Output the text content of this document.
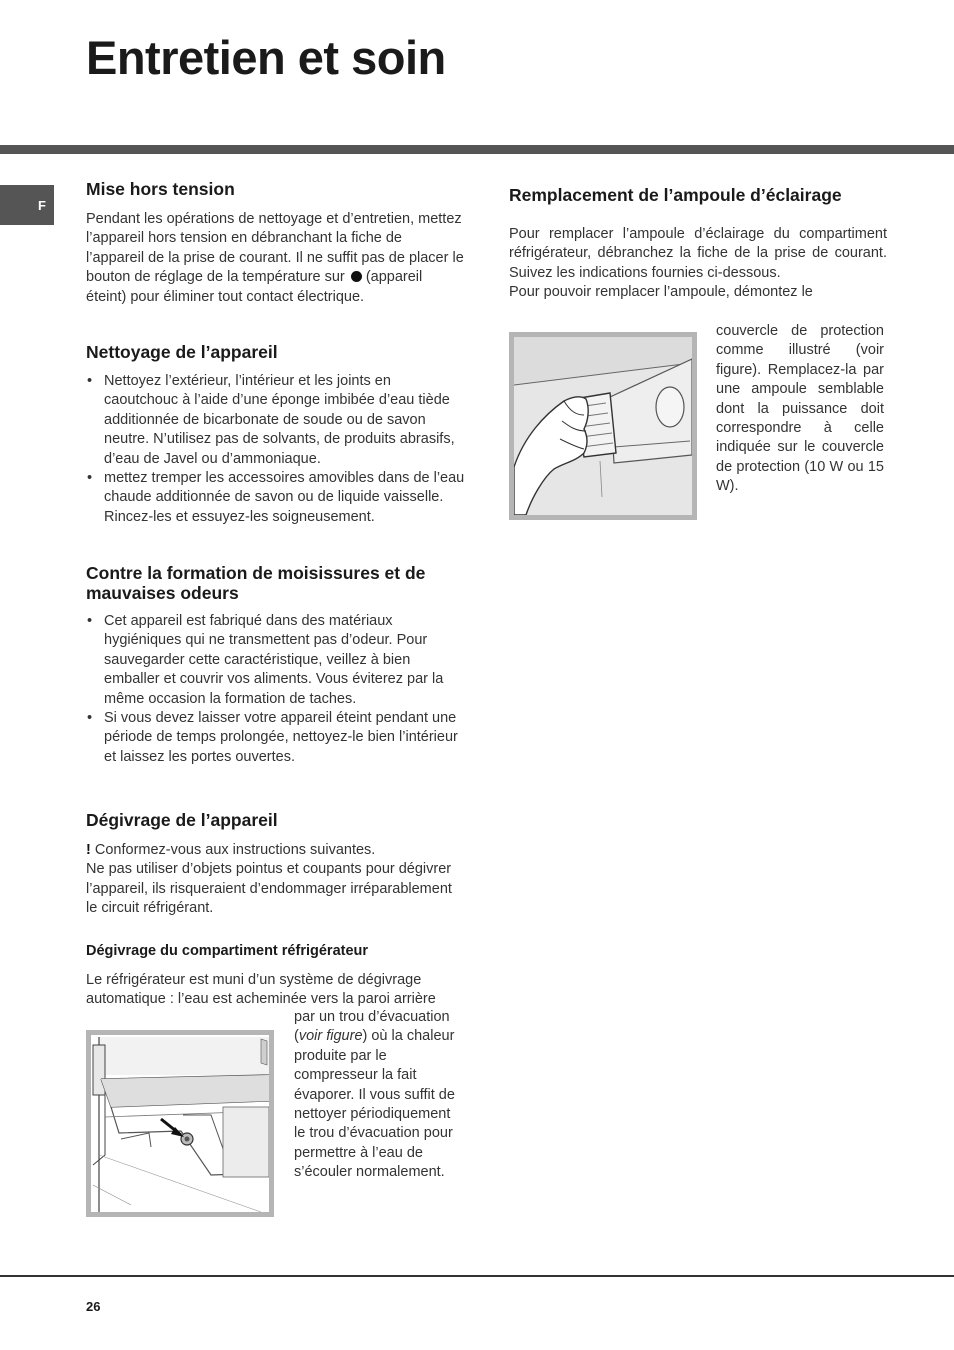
Entretien et soin
F
Mise hors tension

Pendant les opérations de nettoyage et d’entretien, mettez l’appareil hors tension en débranchant la fiche de l’appareil de la prise de courant. Il ne suffit pas de placer le bouton de réglage de la température sur (appareil éteint) pour éliminer tout contact électrique.

Nettoyage de l’appareil
• Nettoyez l’extérieur, l’intérieur et les joints en caoutchouc à l’aide d’une éponge imbibée d’eau tiède additionnée de bicarbonate de soude ou de savon neutre. N’utilisez pas de solvants, de produits abrasifs, d’eau de Javel ou d’ammoniaque.
• mettez tremper les accessoires amovibles dans de l’eau chaude additionnée de savon ou de liquide vaisselle. Rincez-les et essuyez-les soigneusement.
Contre la formation de moisissures et de mauvaises odeurs
• Cet appareil est fabriqué dans des matériaux hygiéniques qui ne transmettent pas d’odeur. Pour sauvegarder cette caractéristique, veillez à bien emballer et couvrir vos aliments. Vous éviterez par la même occasion la formation de taches.
• Si vous devez laisser votre appareil éteint pendant une période de temps prolongée, nettoyez-le bien l’intérieur et laissez les portes ouvertes.
Dégivrage de l’appareil

! Conformez-vous aux instructions suivantes.

Ne pas utiliser d’objets pointus et coupants pour dégivrer l’appareil, ils risqueraient d’endommager irréparablement le circuit réfrigérant.

Dégivrage du compartiment réfrigérateur

Le réfrigérateur est muni d’un système de dégivrage automatique : l’eau est acheminée vers la paroi arrière

par un trou d’évacuation (voir figure) où la chaleur produite par le compresseur la fait évaporer. Il vous suffit de nettoyer périodiquement le trou d’évacuation pour permettre à l’eau de s’écouler normalement.

Remplacement de l’ampoule d’éclairage

Pour remplacer l’ampoule d’éclairage du compartiment réfrigérateur, débranchez la fiche de la prise de courant. Suivez les indications fournies ci-dessous.

Pour pouvoir remplacer l’ampoule, démontez le

couvercle de protection comme illustré (voir figure). Remplacez-la par une ampoule semblable dont la puissance doit correspondre à celle indiquée sur le couvercle de protection (10 W ou 15 W).

26
